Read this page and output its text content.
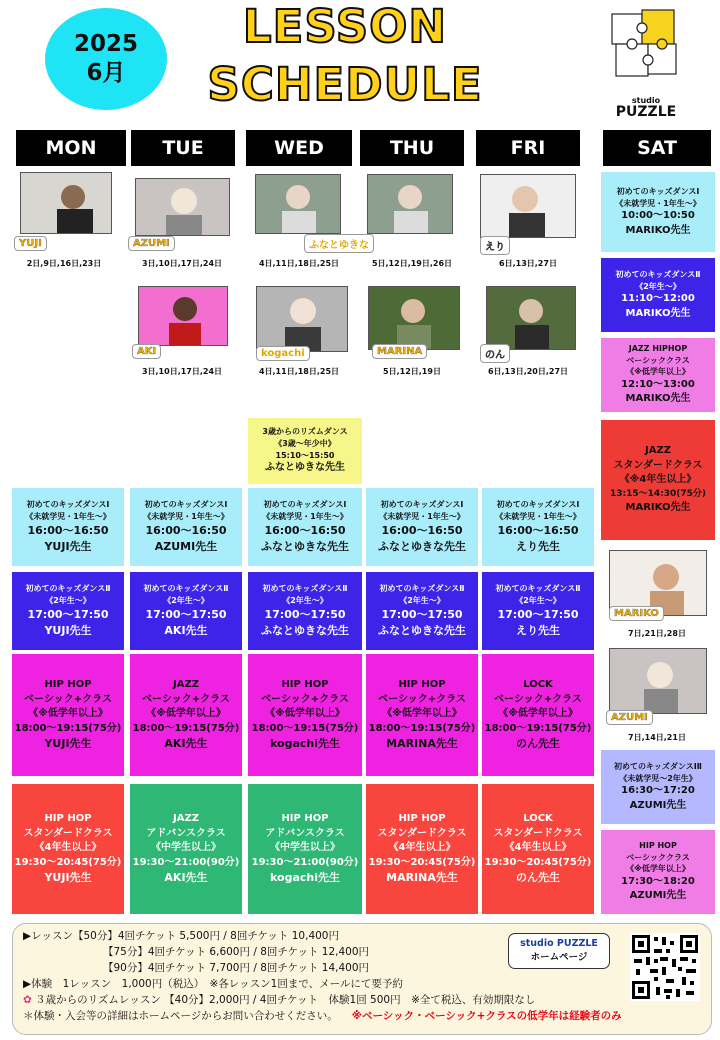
2025
6月
LESSON
SCHEDULE	studio
PUZZLE
MON	TUE	WED	THU	FRI	SAT
YUJI
2日,9日,16日,23日
AZUMI
3日,10日,17日,24日
ふなとゆきな
4日,11日,18日,25日	5日,12日,19日,26日
えり
6日,13日,27日
AKI
3日,10日,17日,24日
kogachi
4日,11日,18日,25日
MARINA
5日,12日,19日
のん
6日,13日,20日,27日
3歳からのリズムダンス
《3歳～年少中》
15:10～15:50
ふなとゆきな先生
初めてのキッズダンスⅠ
《未就学児・1年生～》
16:00～16:50
YUJI先生
初めてのキッズダンスⅠ
《未就学児・1年生～》
16:00～16:50
AZUMI先生
初めてのキッズダンスⅠ
《未就学児・1年生～》
16:00～16:50
ふなとゆきな先生
初めてのキッズダンスⅠ
《未就学児・1年生～》
16:00～16:50
ふなとゆきな先生
初めてのキッズダンスⅠ
《未就学児・1年生～》
16:00～16:50
えり先生
初めてのキッズダンスⅡ
《2年生～》
17:00～17:50
YUJI先生
初めてのキッズダンスⅡ
《2年生～》
17:00～17:50
AKI先生
初めてのキッズダンスⅡ
《2年生～》
17:00～17:50
ふなとゆきな先生
初めてのキッズダンスⅡ
《2年生～》
17:00～17:50
ふなとゆきな先生
初めてのキッズダンスⅡ
《2年生～》
17:00～17:50
えり先生
HIP HOP
ベーシック+クラス
《※低学年以上》
18:00～19:15(75分)
YUJI先生
JAZZ
ベーシック+クラス
《※低学年以上》
18:00～19:15(75分)
AKI先生
HIP HOP
ベーシック+クラス
《※低学年以上》
18:00～19:15(75分)
kogachi先生
HIP HOP
ベーシック+クラス
《※低学年以上》
18:00～19:15(75分)
MARINA先生
LOCK
ベーシック+クラス
《※低学年以上》
18:00～19:15(75分)
のん先生
HIP HOP
スタンダードクラス
《4年生以上》
19:30～20:45(75分)
YUJI先生
JAZZ
アドバンスクラス
《中学生以上》
19:30～21:00(90分)
AKI先生
HIP HOP
アドバンスクラス
《中学生以上》
19:30～21:00(90分)
kogachi先生
HIP HOP
スタンダードクラス
《4年生以上》
19:30～20:45(75分)
MARINA先生
LOCK
スタンダードクラス
《4年生以上》
19:30～20:45(75分)
のん先生
初めてのキッズダンスⅠ
《未就学児・1年生～》
10:00～10:50
MARIKO先生
初めてのキッズダンスⅡ
《2年生～》
11:10～12:00
MARIKO先生
JAZZ HIPHOP
ベーシッククラス
《※低学年以上》
12:10～13:00
MARIKO先生
JAZZ
スタンダードクラス
《※4年生以上》
13:15～14:30(75分)
MARIKO先生
MARIKO
7日,21日,28日
AZUMI
7日,14日,21日
初めてのキッズダンスⅠⅡ
《未就学児～2年生》
16:30～17:20
AZUMI先生
HIP HOP
ベーシッククラス
《※低学年以上》
17:30～18:20
AZUMI先生
▶レッスン【50分】4回チケット 5,500円 / 8回チケット 10,400円
【75分】4回チケット 6,600円 / 8回チケット 12,400円
【90分】4回チケット 7,700円 / 8回チケット 14,400円
▶体験　1レッスン　1,000円（税込）　※各レッスン1回まで、メールにて要予約
✿ ３歳からのリズムレッスン 【40分】2,000円 / 4回チケット　体験1回 500円　※全て税込、有効期限なし
＊体験・入会等の詳細はホームページからお問い合わせください。 ※ベーシック・ベーシック+クラスの低学年は経験者のみ
studio PUZZLE
ホームページ
